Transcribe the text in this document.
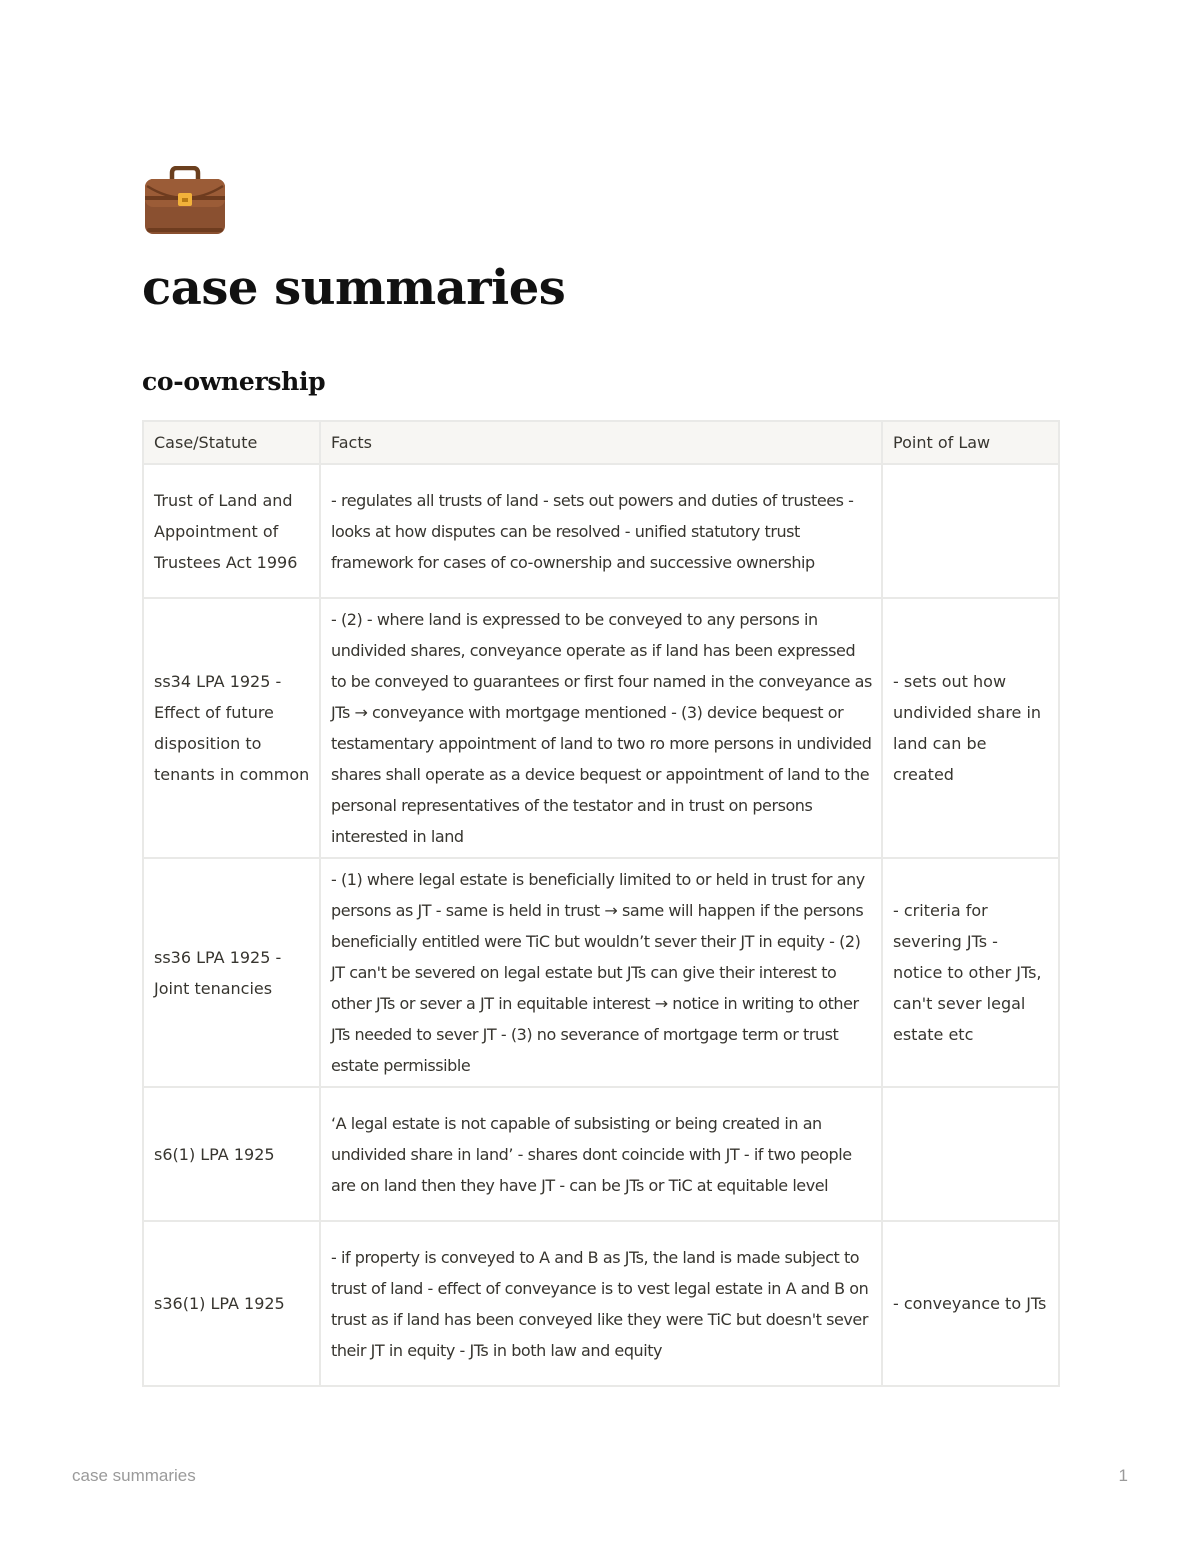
case summaries
co-ownership
Case/Statute	Facts	Point of Law
Trust of Land and Appointment of Trustees Act 1996	- regulates all trusts of land - sets out powers and duties of trustees - looks at how disputes can be resolved - unified statutory trust framework for cases of co-ownership and successive ownership	
ss34 LPA 1925 - Effect of future disposition to tenants in common	- (2) - where land is expressed to be conveyed to any persons in undivided shares, conveyance operate as if land has been expressed to be conveyed to guarantees or first four named in the conveyance as JTs → conveyance with mortgage mentioned - (3) device bequest or testamentary appointment of land to two ro more persons in undivided shares shall operate as a device bequest or appointment of land to the personal representatives of the testator and in trust on persons interested in land	- sets out how undivided share in land can be created
ss36 LPA 1925 - Joint tenancies	- (1) where legal estate is beneficially limited to or held in trust for any persons as JT - same is held in trust → same will happen if the persons beneficially entitled were TiC but wouldn’t sever their JT in equity - (2) JT can't be severed on legal estate but JTs can give their interest to other JTs or sever a JT in equitable interest → notice in writing to other JTs needed to sever JT - (3) no severance of mortgage term or trust estate permissible	- criteria for severing JTs - notice to other JTs, can't sever legal estate etc
s6(1) LPA 1925	‘A legal estate is not capable of subsisting or being created in an undivided share in land’ - shares dont coincide with JT - if two people are on land then they have JT - can be JTs or TiC at equitable level	
s36(1) LPA 1925	- if property is conveyed to A and B as JTs, the land is made subject to trust of land - effect of conveyance is to vest legal estate in A and B on trust as if land has been conveyed like they were TiC but doesn't sever their JT in equity - JTs in both law and equity	- conveyance to JTs
case summaries	1
